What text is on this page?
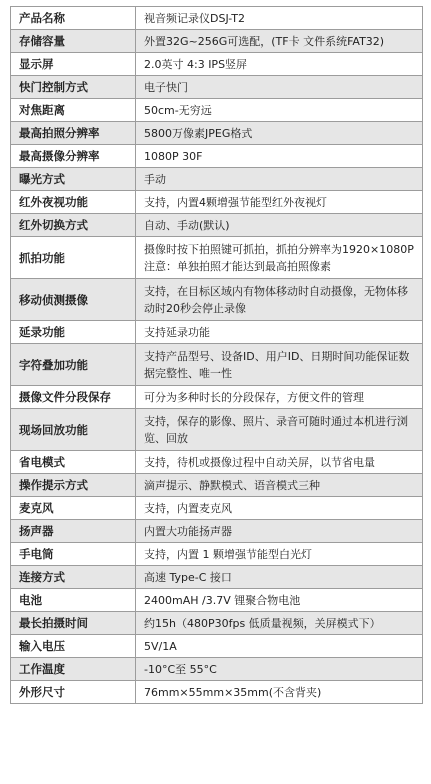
产品名称	视音频记录仪DSJ-T2
存储容量	外置32G~256G可选配，(TF卡 文件系统FAT32)
显示屏	2.0英寸 4:3 IPS竖屏
快门控制方式	电子快门
对焦距离	50cm-无穷远
最高拍照分辨率	5800万像素JPEG格式
最高摄像分辨率	1080P 30F
曝光方式	手动
红外夜视功能	支持，内置4颗增强节能型红外夜视灯
红外切换方式	自动、手动(默认)
抓拍功能	摄像时按下拍照键可抓拍，抓拍分辨率为1920×1080P 注意：单独拍照才能达到最高拍照像素
移动侦测摄像	支持，在目标区域内有物体移动时自动摄像，无物体移动时20秒会停止录像
延录功能	支持延录功能
字符叠加功能	支持产品型号、设备ID、用户ID、日期时间功能保证数据完整性、唯一性
摄像文件分段保存	可分为多种时长的分段保存，方便文件的管理
现场回放功能	支持，保存的影像、照片、录音可随时通过本机进行浏览、回放
省电模式	支持，待机或摄像过程中自动关屏，以节省电量
操作提示方式	滴声提示、静默模式、语音模式三种
麦克风	支持，内置麦克风
扬声器	内置大功能扬声器
手电筒	支持，内置 1 颗增强节能型白光灯
连接方式	高速 Type-C 接口
电池	2400mAH /3.7V 锂聚合物电池
最长拍摄时间	约15h（480P30fps 低质量视频，关屏模式下）
输入电压	5V/1A
工作温度	-10°C至 55°C
外形尺寸	76mm×55mm×35mm(不含背夹)
